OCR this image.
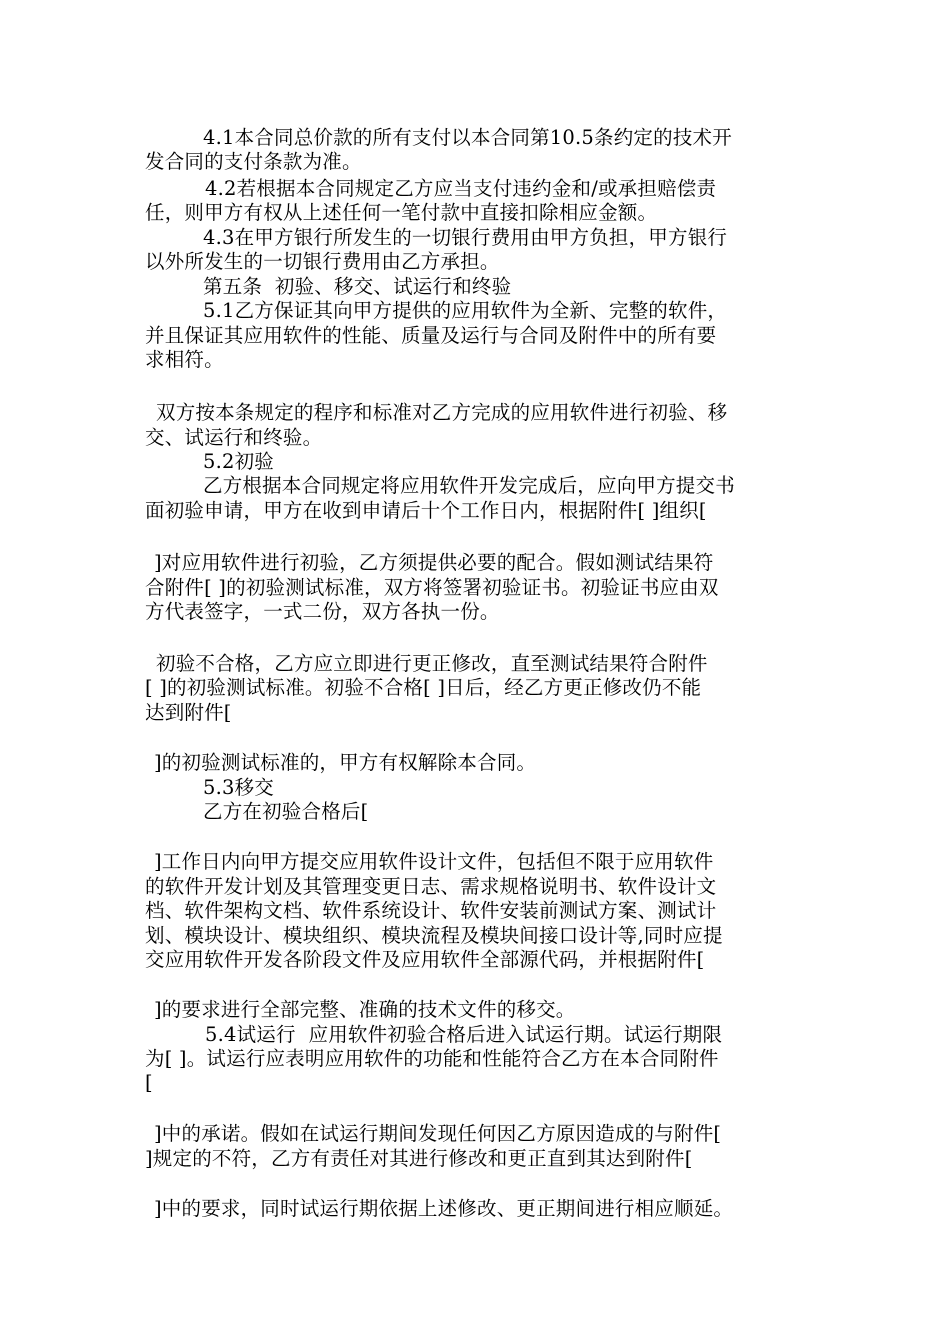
4.1本合同总价款的所有支付以本合同第10.5条约定的技术开
发合同的支付条款为准。
4.2若根据本合同规定乙方应当支付违约金和/或承担赔偿责
任，则甲方有权从上述任何一笔付款中直接扣除相应金额。
4.3在甲方银行所发生的一切银行费用由甲方负担，甲方银行
以外所发生的一切银行费用由乙方承担。
第五条  初验、移交、试运行和终验
5.1乙方保证其向甲方提供的应用软件为全新、完整的软件，
并且保证其应用软件的性能、质量及运行与合同及附件中的所有要
求相符。
双方按本条规定的程序和标准对乙方完成的应用软件进行初验、移
交、试运行和终验。
5.2初验
乙方根据本合同规定将应用软件开发完成后，应向甲方提交书
面初验申请，甲方在收到申请后十个工作日内，根据附件[ ]组织[
]对应用软件进行初验，乙方须提供必要的配合。假如测试结果符
合附件[ ]的初验测试标准，双方将签署初验证书。初验证书应由双
方代表签字，一式二份，双方各执一份。
初验不合格，乙方应立即进行更正修改，直至测试结果符合附件
[ ]的初验测试标准。初验不合格[ ]日后，经乙方更正修改仍不能
达到附件[
]的初验测试标准的，甲方有权解除本合同。
5.3移交
乙方在初验合格后[
]工作日内向甲方提交应用软件设计文件，包括但不限于应用软件
的软件开发计划及其管理变更日志、需求规格说明书、软件设计文
档、软件架构文档、软件系统设计、软件安装前测试方案、测试计
划、模块设计、模块组织、模块流程及模块间接口设计等,同时应提
交应用软件开发各阶段文件及应用软件全部源代码，并根据附件[
]的要求进行全部完整、准确的技术文件的移交。
5.4试运行  应用软件初验合格后进入试运行期。试运行期限
为[ ]。试运行应表明应用软件的功能和性能符合乙方在本合同附件
[
]中的承诺。假如在试运行期间发现任何因乙方原因造成的与附件[
]规定的不符，乙方有责任对其进行修改和更正直到其达到附件[
]中的要求，同时试运行期依据上述修改、更正期间进行相应顺延。
